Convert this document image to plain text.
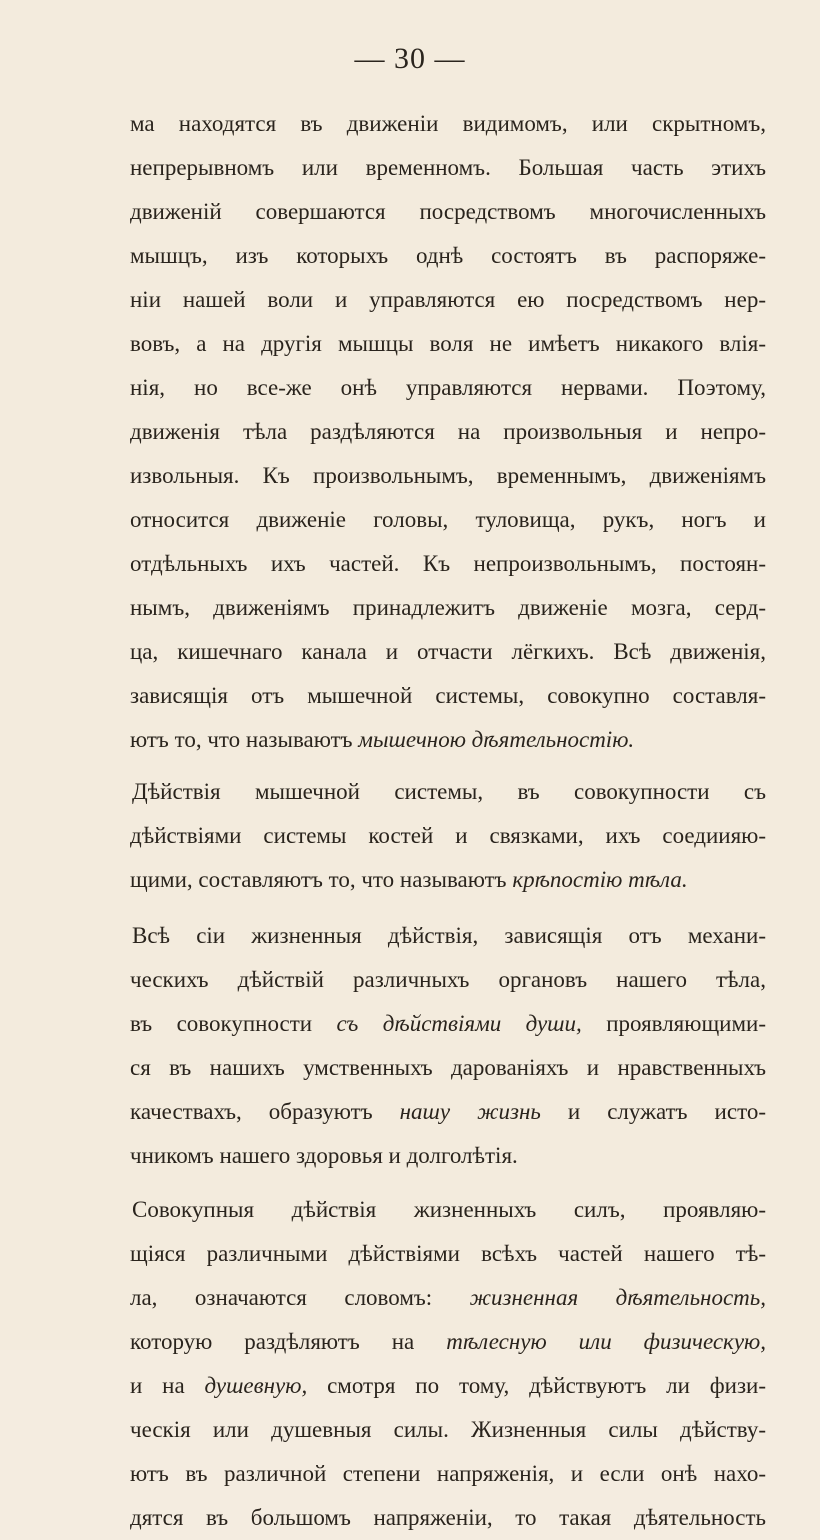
— 30 —
ма находятся въ движеніи видимомъ, или скрытномъ,
непрерывномъ или временномъ. Большая часть этихъ
движеній совершаются посредствомъ многочисленныхъ
мышцъ, изъ которыхъ однѣ состоятъ въ распоряже-
ніи нашей воли и управляются ею посредствомъ нер-
вовъ, а на другія мышцы воля не имѣетъ никакого влія-
нія, но все-же онѣ управляются нервами. Поэтому,
движенія тѣла раздѣляются на произвольныя и непро-
извольныя. Къ произвольнымъ, временнымъ, движеніямъ
относится движеніе головы, туловища, рукъ, ногъ и
отдѣльныхъ ихъ частей. Къ непроизвольнымъ, постоян-
нымъ, движеніямъ принадлежитъ движеніе мозга, серд-
ца, кишечнаго канала и отчасти лёгкихъ. Всѣ движенія,
зависящія отъ мышечной системы, совокупно составля-
ютъ то, что называютъ мышечною дѣятельностію.
Дѣйствія мышечной системы, въ совокупности съ
дѣйствіями системы костей и связками, ихъ соедиияю-
щими, составляютъ то, что называютъ крѣпостію тѣла.
Всѣ сіи жизненныя дѣйствія, зависящія отъ механи-
ческихъ дѣйствій различныхъ органовъ нашего тѣла,
въ совокупности съ дѣйствіями души, проявляющими-
ся въ нашихъ умственныхъ дарованіяхъ и нравственныхъ
качествахъ, образуютъ нашу жизнь и служатъ исто-
чникомъ нашего здоровья и долголѣтія.
Совокупныя дѣйствія жизненныхъ силъ, проявляю-
щіяся различными дѣйствіями всѣхъ частей нашего тѣ-
ла, означаются словомъ: жизненная дѣятельность,
которую раздѣляютъ на тѣлесную или физическую,
и на душевную, смотря по тому, дѣйствуютъ ли физи-
ческія или душевныя силы. Жизненныя силы дѣйству-
ютъ въ различной степени напряженія, и если онѣ нахо-
дятся въ большомъ напряженіи, то такая дѣятельность
